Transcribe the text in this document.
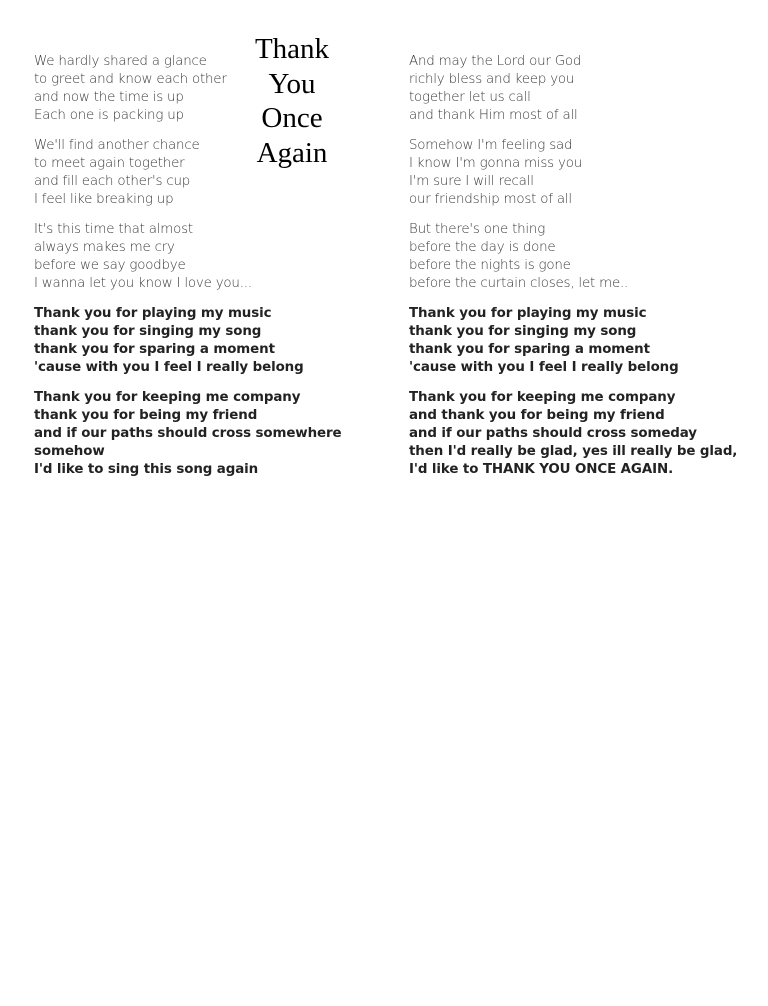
Thank
You
Once
Again
We hardly shared a glance
to greet and know each other
and now the time is up
Each one is packing up
We'll find another chance
to meet again together
and fill each other's cup
I feel like breaking up
It's this time that almost
always makes me cry
before we say goodbye
I wanna let you know I love you...
Thank you for playing my music
thank you for singing my song
thank you for sparing a moment
'cause with you I feel I really belong
Thank you for keeping me company
thank you for being my friend
and if our paths should cross somewhere
somehow
I'd like to sing this song again
And may the Lord our God
richly bless and keep you
together let us call
and thank Him most of all
Somehow I'm feeling sad
I know I'm gonna miss you
I'm sure I will recall
our friendship most of all
But there's one thing
before the day is done
before the nights is gone
before the curtain closes, let me..
Thank you for playing my music
thank you for singing my song
thank you for sparing a moment
'cause with you I feel I really belong
Thank you for keeping me company
and thank you for being my friend
and if our paths should cross someday
then I'd really be glad, yes ill really be glad,
I'd like to THANK YOU ONCE AGAIN.
